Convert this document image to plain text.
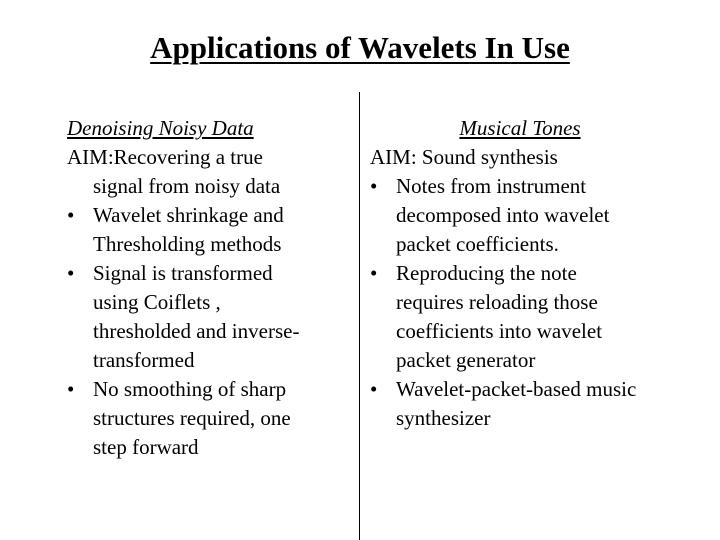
Applications of Wavelets In Use
Denoising Noisy Data
AIM:Recovering a true
signal from noisy data
• Wavelet shrinkage and
Thresholding methods
• Signal is transformed
using Coiflets ,
thresholded and inverse-
transformed
• No smoothing of sharp
structures required, one
step forward
Musical Tones
AIM: Sound synthesis
• Notes from instrument
decomposed into wavelet
packet coefficients.
• Reproducing the note
requires reloading those
coefficients into wavelet
packet generator
• Wavelet-packet-based music
synthesizer
